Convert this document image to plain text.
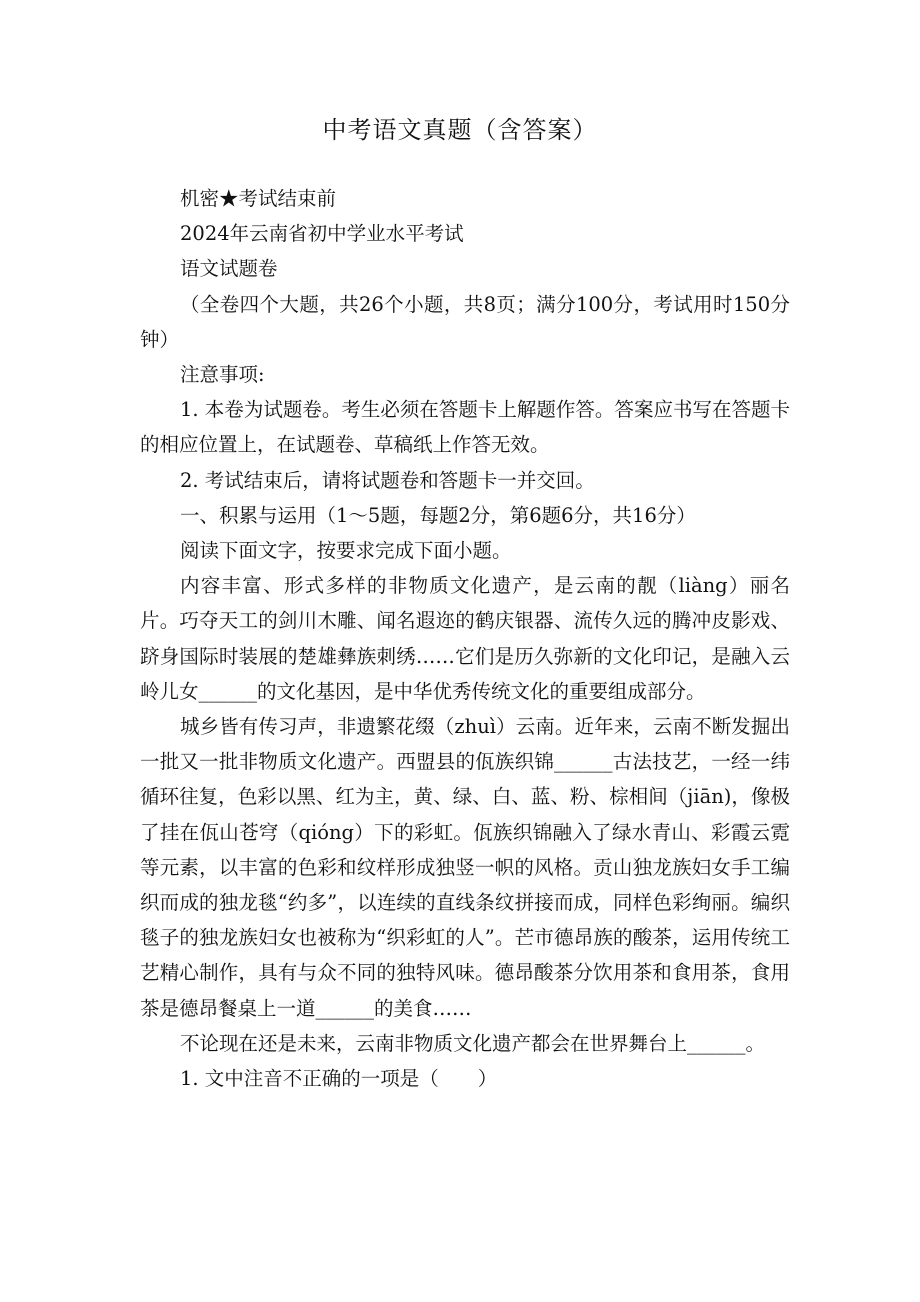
中考语文真题（含答案）

机密★考试结束前

2024年云南省初中学业水平考试

语文试题卷

（全卷四个大题，共26个小题，共8页；满分100分，考试用时150分钟）

注意事项:

1. 本卷为试题卷。考生必须在答题卡上解题作答。答案应书写在答题卡的相应位置上，在试题卷、草稿纸上作答无效。

2. 考试结束后，请将试题卷和答题卡一并交回。

一、积累与运用（1～5题，每题2分，第6题6分，共16分）

阅读下面文字，按要求完成下面小题。

内容丰富、形式多样的非物质文化遗产，是云南的靓（liàng）丽名片。巧夺天工的剑川木雕、闻名遐迩的鹤庆银器、流传久远的腾冲皮影戏、跻身国际时装展的楚雄彝族刺绣……它们是历久弥新的文化印记，是融入云岭儿女______的文化基因，是中华优秀传统文化的重要组成部分。

城乡皆有传习声，非遗繁花缀（zhuì）云南。近年来，云南不断发掘出一批又一批非物质文化遗产。西盟县的佤族织锦______古法技艺，一经一纬循环往复，色彩以黑、红为主，黄、绿、白、蓝、粉、棕相间（jiān)，像极了挂在佤山苍穹（qióng）下的彩虹。佤族织锦融入了绿水青山、彩霞云霓等元素，以丰富的色彩和纹样形成独竖一帜的风格。贡山独龙族妇女手工编织而成的独龙毯“约多”，以连续的直线条纹拼接而成，同样色彩绚丽。编织毯子的独龙族妇女也被称为“织彩虹的人”。芒市德昂族的酸茶，运用传统工艺精心制作，具有与众不同的独特风味。德昂酸茶分饮用茶和食用茶，食用茶是德昂餐桌上一道______的美食……

不论现在还是未来，云南非物质文化遗产都会在世界舞台上______。

1. 文中注音不正确的一项是（　　）
